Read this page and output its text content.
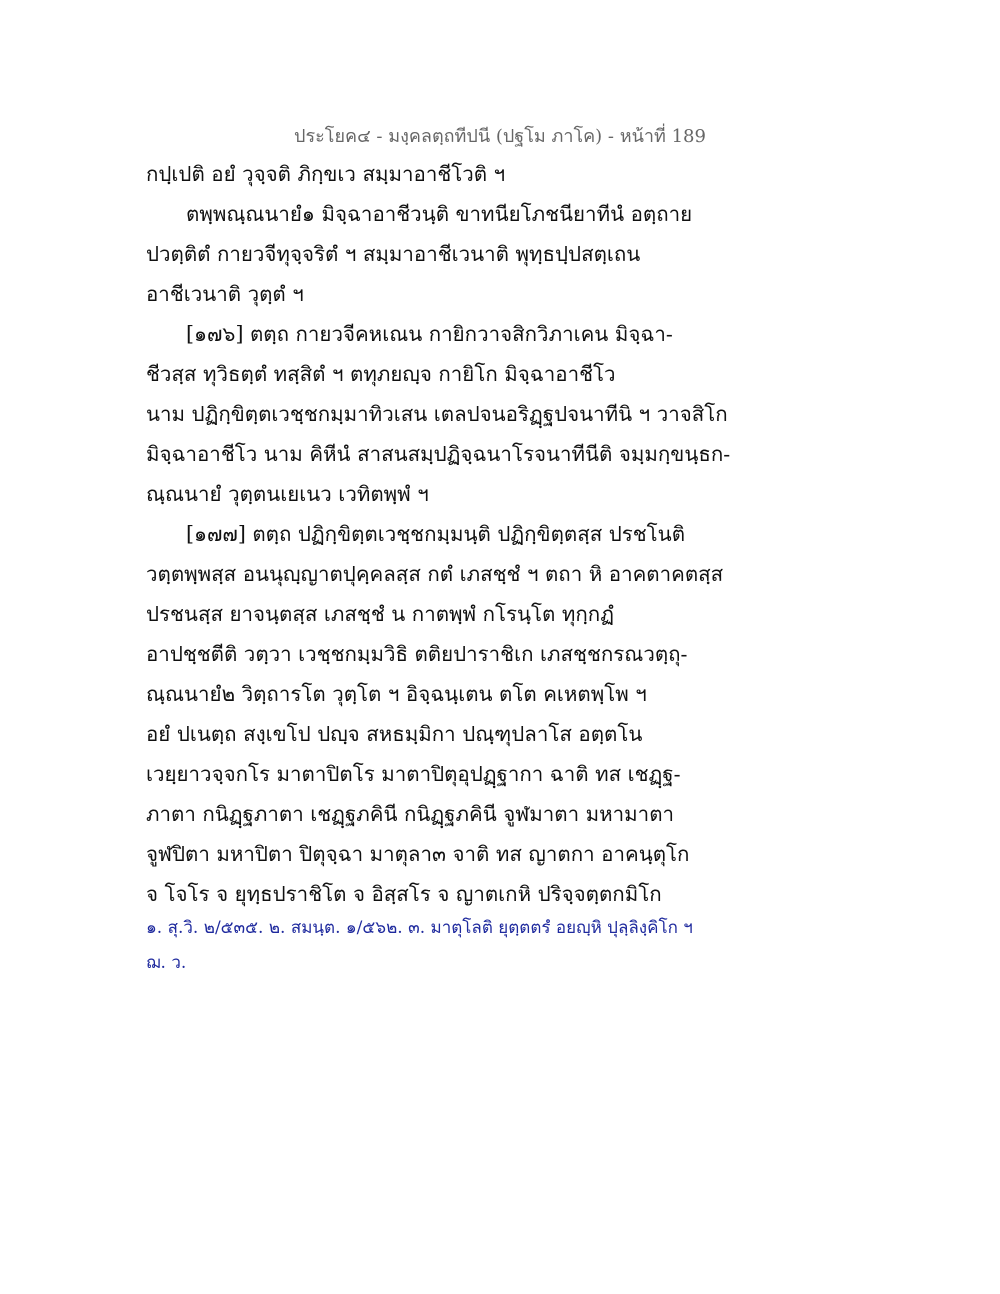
ประโยค๔ - มงฺคลตฺถทีปนี (ปฐโม ภาโค) - หน้าที่ 189
กปฺเปติ อยํ วุจฺจติ ภิกฺขเว สมฺมาอาชีโวติ ฯ
ตพฺพณฺณนายํ๑ มิจฺฉาอาชีวนฺติ ขาทนียโภชนียาทีนํ อตฺถาย
ปวตฺติตํ กายวจีทุจฺจริตํ ฯ สมฺมาอาชีเวนาติ พุทฺธปฺปสตฺเถน
อาชีเวนาติ วุตฺตํ ฯ
[๑๗๖] ตตฺถ กายวจีคหเณน กายิกวาจสิกวิภาเคน มิจฺฉา-
ชีวสฺส ทุวิธตฺตํ ทสฺสิตํ ฯ ตทุภยญฺจ กายิโก มิจฺฉาอาชีโว
นาม ปฏิกฺขิตฺตเวชฺชกมฺมาทิวเสน เตลปจนอริฏฺฐปจนาทีนิ ฯ วาจสิโก
มิจฺฉาอาชีโว นาม คิหีนํ สาสนสมฺปฏิจฺฉนาโรจนาทีนีติ จมฺมกฺขนฺธก-
ณฺณนายํ วุตฺตนเยเนว เวทิตพฺพํ ฯ
[๑๗๗] ตตฺถ ปฏิกฺขิตฺตเวชฺชกมฺมนฺติ ปฏิกฺขิตฺตสฺส ปรชโนติ
วตฺตพฺพสฺส อนนุญฺญาตปุคฺคลสฺส กตํ เภสชฺชํ ฯ ตถา หิ อาคตาคตสฺส
ปรชนสฺส ยาจนฺตสฺส เภสชฺชํ น กาตพฺพํ กโรนฺโต ทุกฺกฏํ
อาปชฺชตีติ วตฺวา เวชฺชกมฺมวิธิ ตติยปาราชิเก เภสชฺชกรณวตฺถุ-
ณฺณนายํ๒ วิตฺถารโต วุตฺโต ฯ อิจฺฉนฺเตน ตโต คเหตพฺโพ ฯ
อยํ ปเนตฺถ สงฺเขโป ปญฺจ สหธมฺมิกา ปณฺฑุปลาโส อตฺตโน
เวยฺยาวจฺจกโร มาตาปิตโร มาตาปิตุอุปฏฺฐากา ฉาติ ทส เชฏฺฐ-
ภาตา กนิฏฺฐภาตา เชฏฺฐภคินี กนิฏฺฐภคินี จูฬมาตา มหามาตา
จูฬปิตา มหาปิตา ปิตุจฺฉา มาตุลา๓ จาติ ทส ญาตกา อาคนฺตุโก
จ โจโร จ ยุทฺธปราชิโต จ อิสฺสโร จ ญาตเกหิ ปริจฺจตฺตกมิโก
๑. สุ.วิ. ๒/๕๓๕. ๒. สมนฺต. ๑/๕๖๒. ๓. มาตุโลติ ยุตฺตตรํ อยญฺหิ ปุลฺลิงฺคิโก ฯ
ฌ. ว.
